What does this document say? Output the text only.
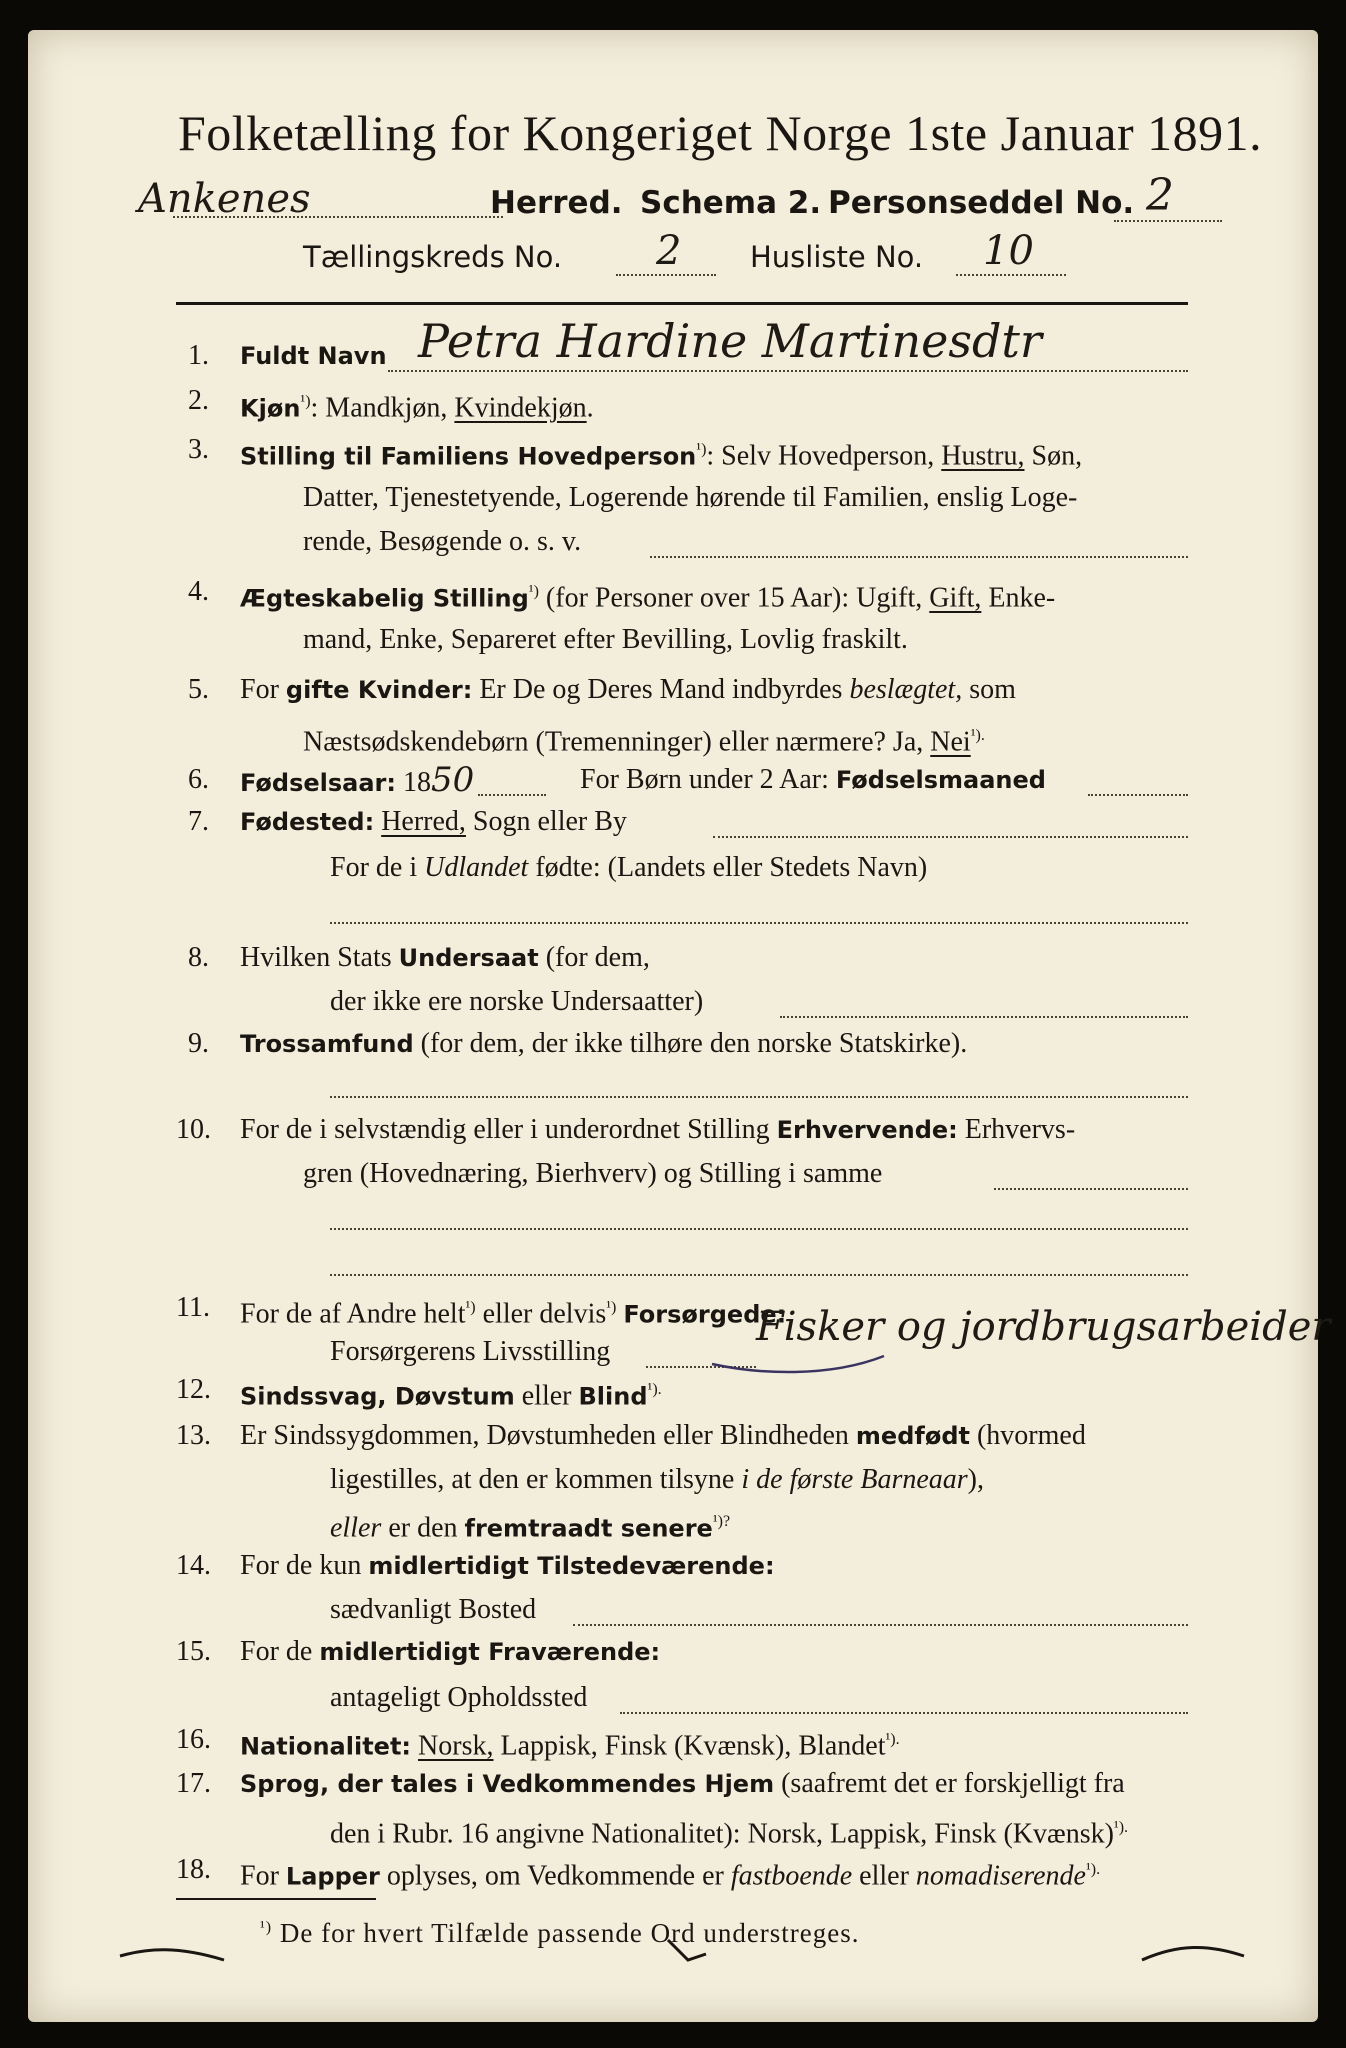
Folketælling for Kongeriget Norge 1ste Januar 1891.
Ankenes	Herred. Schema 2. Personseddel No. 2
Tællingskreds No. 2 Husliste No. 10
1. Fuldt Navn Petra Hardine Martinesdtr
2. Kjøn$^{^1)}$: Mandkjøn, Kvindekjøn.
3. Stilling til Familiens Hovedperson$^{^1)}$: Selv Hovedperson, Hustru, Søn,
Datter, Tjenestetyende, Logerende hørende til Familien, enslig Loge-
rende, Besøgende o. s. v.
4. Ægteskabelig Stilling$^{^1)}$ (for Personer over 15 Aar): Ugift, Gift, Enke-
mand, Enke, Separeret efter Bevilling, Lovlig fraskilt.
5. For gifte Kvinder: Er De og Deres Mand indbyrdes beslægtet, som
Næstsødskendebørn (Tremenninger) eller nærmere? Ja, Nei$^{^1).}$
6. Fødselsaar: 1850	For Børn under 2 Aar: Fødselsmaaned
7. Fødested: Herred, Sogn eller By
For de i Udlandet fødte: (Landets eller Stedets Navn)
8. Hvilken Stats Undersaat (for dem,
der ikke ere norske Undersaatter)
9. Trossamfund (for dem, der ikke tilhøre den norske Statskirke).
10. For de i selvstændig eller i underordnet Stilling Erhvervende: Erhvervs-
gren (Hovednæring, Bierhverv) og Stilling i samme
11. For de af Andre helt$^{^1)}$ eller delvis$^{^1)}$ Forsørgede:
Forsørgerens Livsstilling
Fisker og jordbrugsarbeider
12. Sindssvag, Døvstum eller Blind$^{^1).}$
13. Er Sindssygdommen, Døvstumheden eller Blindheden medfødt (hvormed
ligestilles, at den er kommen tilsyne i de første Barneaar),
eller er den fremtraadt senere$^{^1)?}$
14. For de kun midlertidigt Tilstedeværende:
sædvanligt Bosted
15. For de midlertidigt Fraværende:
antageligt Opholdssted
16. Nationalitet: Norsk, Lappisk, Finsk (Kvænsk), Blandet$^{^1).}$
17. Sprog, der tales i Vedkommendes Hjem (saafremt det er forskjelligt fra
den i Rubr. 16 angivne Nationalitet): Norsk, Lappisk, Finsk (Kvænsk)$^{^1).}$
18. For Lapper oplyses, om Vedkommende er fastboende eller nomadiserende$^{^1).}$
$^{^1)}$ De for hvert Tilfælde passende Ord understreges.
